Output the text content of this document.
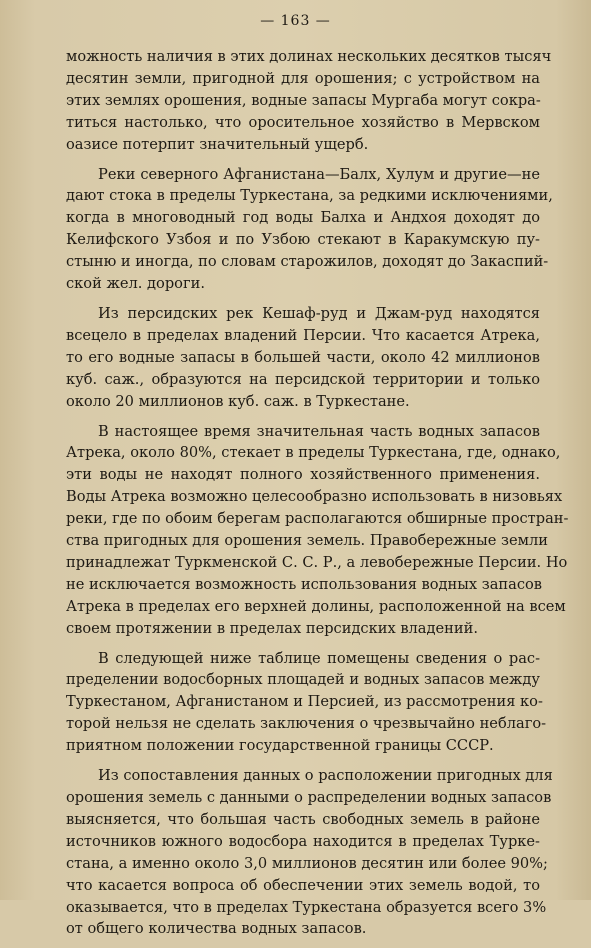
— 163 —
можность наличия в этих долинах нескольких десятков тысяч
десятин земли, пригодной для орошения; с устройством на
этих землях орошения, водные запасы Мургаба могут сокра-
титься настолько, что оросительное хозяйство в Мервском
оазисе потерпит значительный ущерб.
Реки северного Афганистана—Балх, Хулум и другие—не
дают стока в пределы Туркестана, за редкими исключениями,
когда в многоводный год воды Балха и Андхоя доходят до
Келифского Узбоя и по Узбою стекают в Каракумскую пу-
стыню и иногда, по словам старожилов, доходят до Закаспий-
ской жел. дороги.
Из персидских рек Кешаф-руд и Джам-руд находятся
всецело в пределах владений Персии. Что касается Атрека,
то его водные запасы в большей части, около 42 миллионов
куб. саж., образуются на персидской территории и только
около 20 миллионов куб. саж. в Туркестане.
В настоящее время значительная часть водных запасов
Атрека, около 80%, стекает в пределы Туркестана, где, однако,
эти воды не находят полного хозяйственного применения.
Воды Атрека возможно целесообразно использовать в низовьях
реки, где по обоим берегам располагаются обширные простран-
ства пригодных для орошения земель. Правобережные земли
принадлежат Туркменской С. С. Р., а левобережные Персии. Но
не исключается возможность использования водных запасов
Атрека в пределах его верхней долины, расположенной на всем
своем протяжении в пределах персидских владений.
В следующей ниже таблице помещены сведения о рас-
пределении водосборных площадей и водных запасов между
Туркестаном, Афганистаном и Персией, из рассмотрения ко-
торой нельзя не сделать заключения о чрезвычайно неблаго-
приятном положении государственной границы СССР.
Из сопоставления данных о расположении пригодных для
орошения земель с данными о распределении водных запасов
выясняется, что большая часть свободных земель в районе
источников южного водосбора находится в пределах Турке-
стана, а именно около 3,0 миллионов десятин или более 90%;
что касается вопроса об обеспечении этих земель водой, то
оказывается, что в пределах Туркестана образуется всего 3%
от общего количества водных запасов.
